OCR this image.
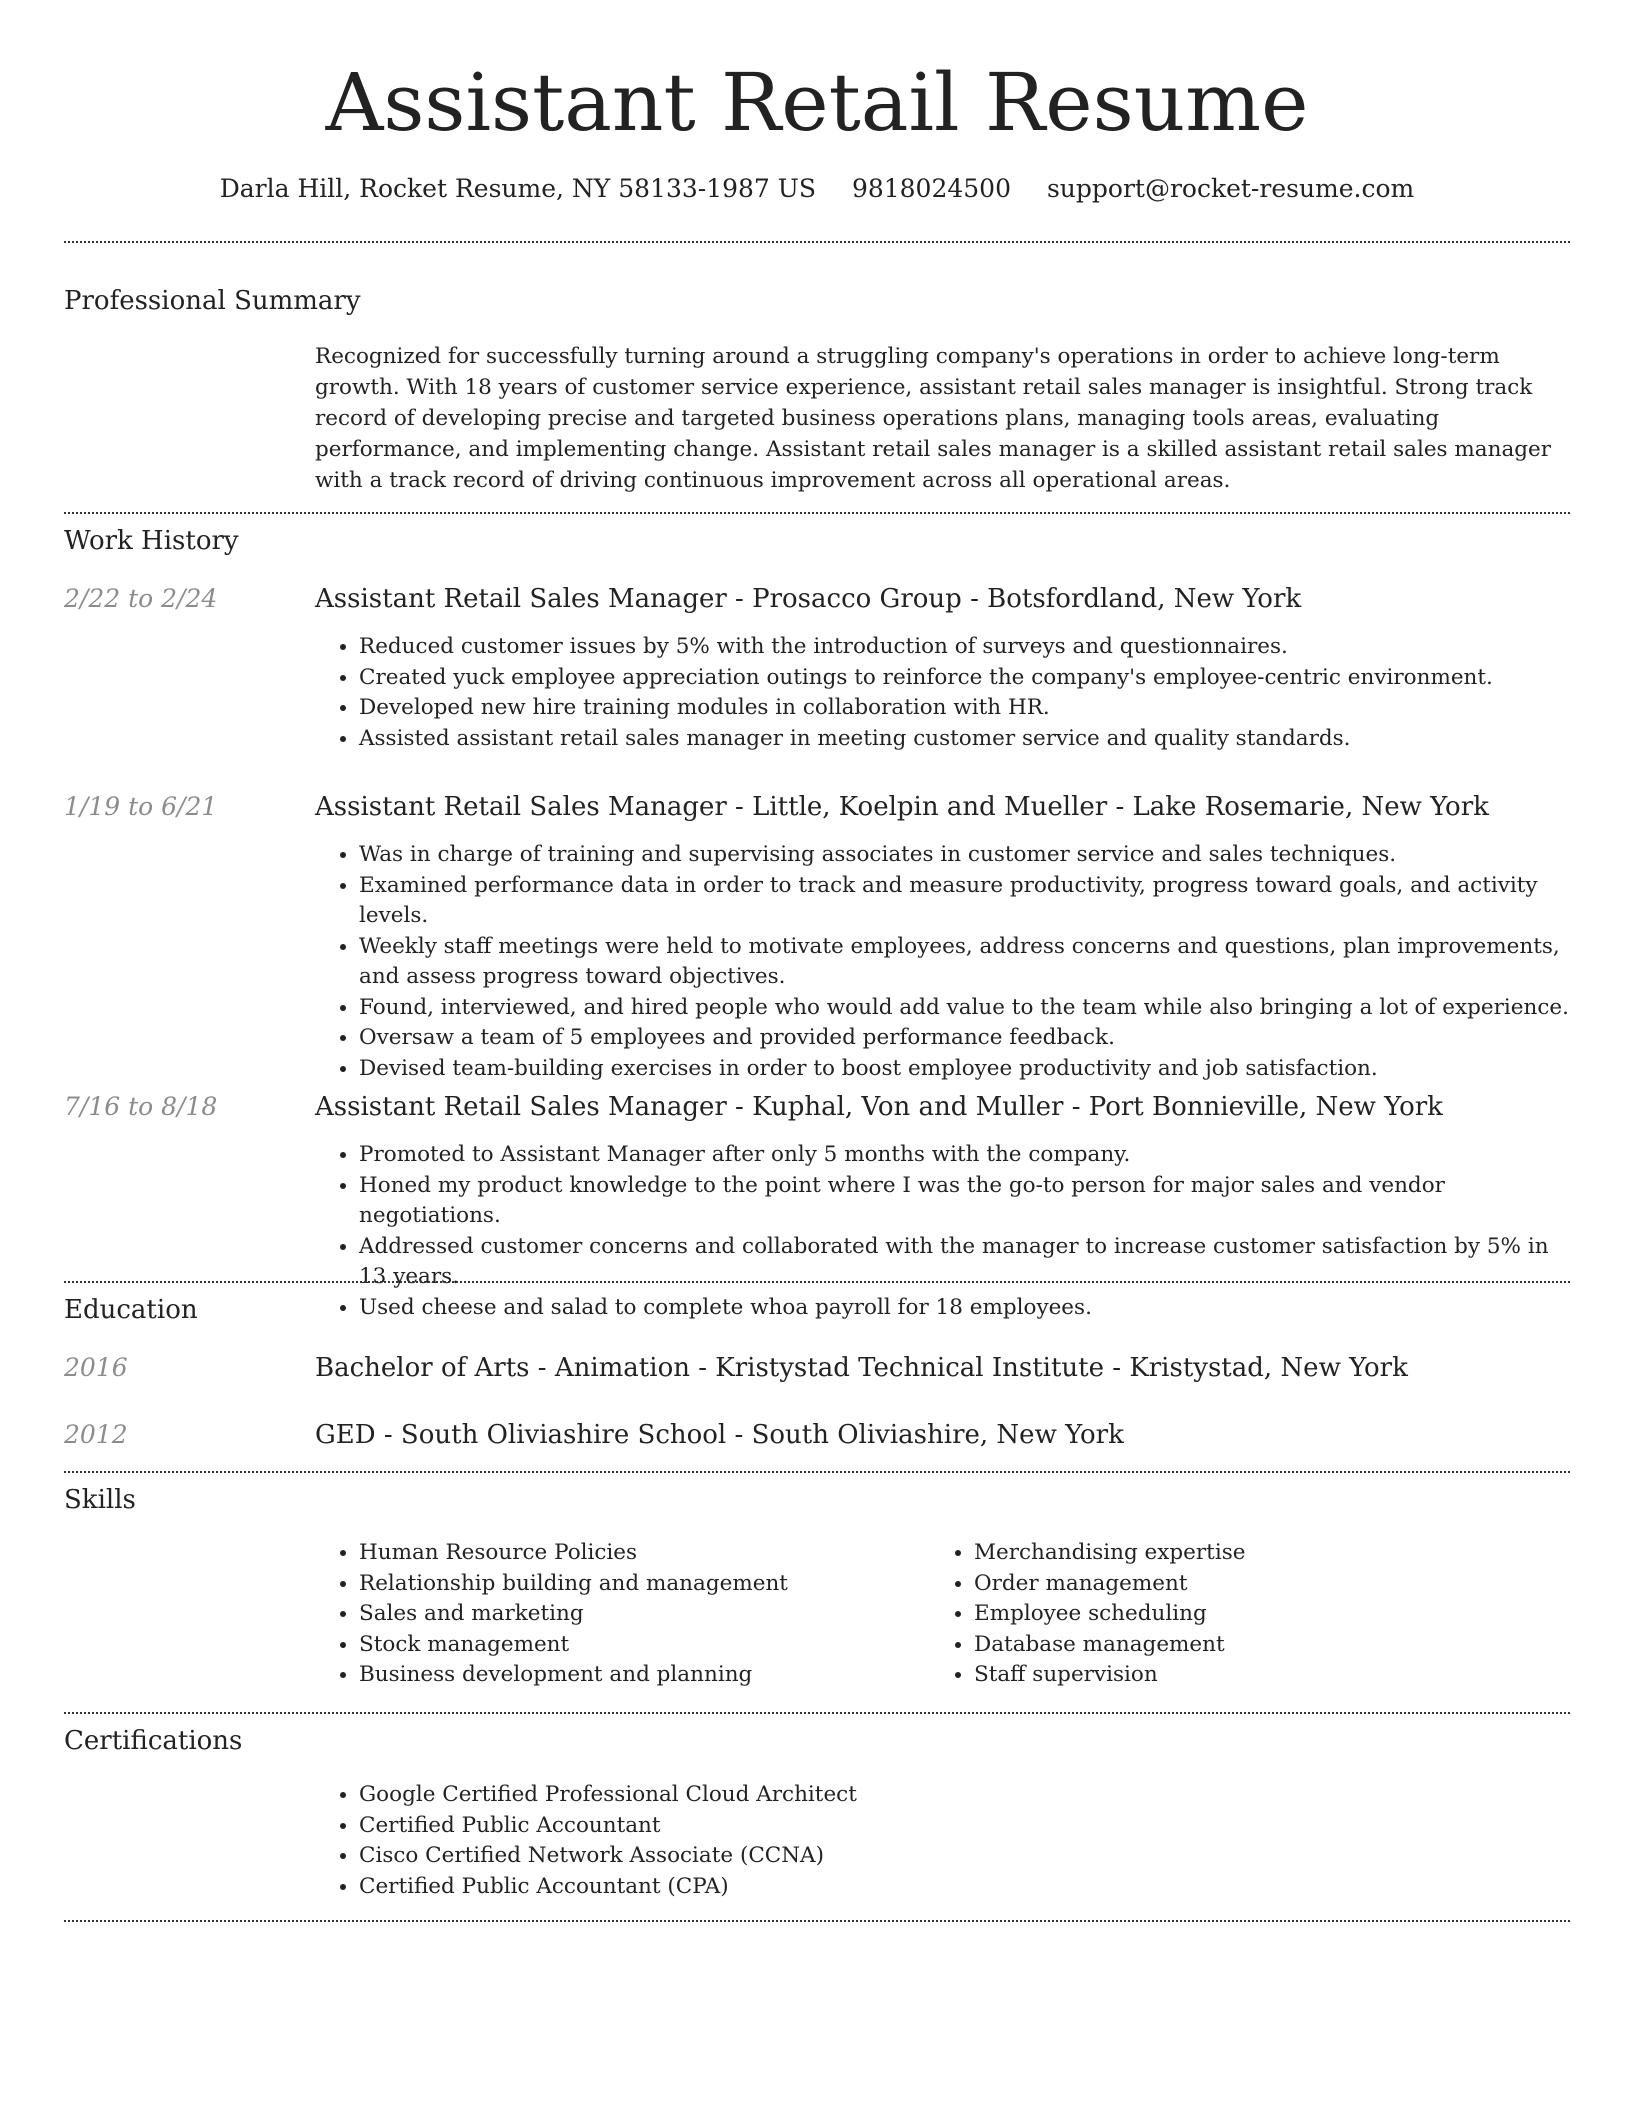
Assistant Retail Resume
Darla Hill, Rocket Resume, NY 58133-1987 US 9818024500 support@rocket-resume.com
Professional Summary

Recognized for successfully turning around a struggling company's operations in order to achieve long-term growth. With 18 years of customer service experience, assistant retail sales manager is insightful. Strong track record of developing precise and targeted business operations plans, managing tools areas, evaluating performance, and implementing change. Assistant retail sales manager is a skilled assistant retail sales manager with a track record of driving continuous improvement across all operational areas.

Work History
2/22 to 2/24	Assistant Retail Sales Manager - Prosacco Group - Botsfordland, New York
• Reduced customer issues by 5% with the introduction of surveys and questionnaires.
• Created yuck employee appreciation outings to reinforce the company's employee-centric environment.
• Developed new hire training modules in collaboration with HR.
• Assisted assistant retail sales manager in meeting customer service and quality standards.
1/19 to 6/21	Assistant Retail Sales Manager - Little, Koelpin and Mueller - Lake Rosemarie, New York
• Was in charge of training and supervising associates in customer service and sales techniques.
• Examined performance data in order to track and measure productivity, progress toward goals, and activity levels.
• Weekly staff meetings were held to motivate employees, address concerns and questions, plan improvements, and assess progress toward objectives.
• Found, interviewed, and hired people who would add value to the team while also bringing a lot of experience.
• Oversaw a team of 5 employees and provided performance feedback.
• Devised team-building exercises in order to boost employee productivity and job satisfaction.
7/16 to 8/18	Assistant Retail Sales Manager - Kuphal, Von and Muller - Port Bonnieville, New York
• Promoted to Assistant Manager after only 5 months with the company.
• Honed my product knowledge to the point where I was the go-to person for major sales and vendor negotiations.
• Addressed customer concerns and collaborated with the manager to increase customer satisfaction by 5% in 13 years.
• Used cheese and salad to complete whoa payroll for 18 employees.
Education
2016	Bachelor of Arts - Animation - Kristystad Technical Institute - Kristystad, New York
2012	GED - South Oliviashire School - South Oliviashire, New York
Skills
• Human Resource Policies
• Relationship building and management
• Sales and marketing
• Stock management
• Business development and planning
• Merchandising expertise
• Order management
• Employee scheduling
• Database management
• Staff supervision
Certifications
• Google Certified Professional Cloud Architect
• Certified Public Accountant
• Cisco Certified Network Associate (CCNA)
• Certified Public Accountant (CPA)
